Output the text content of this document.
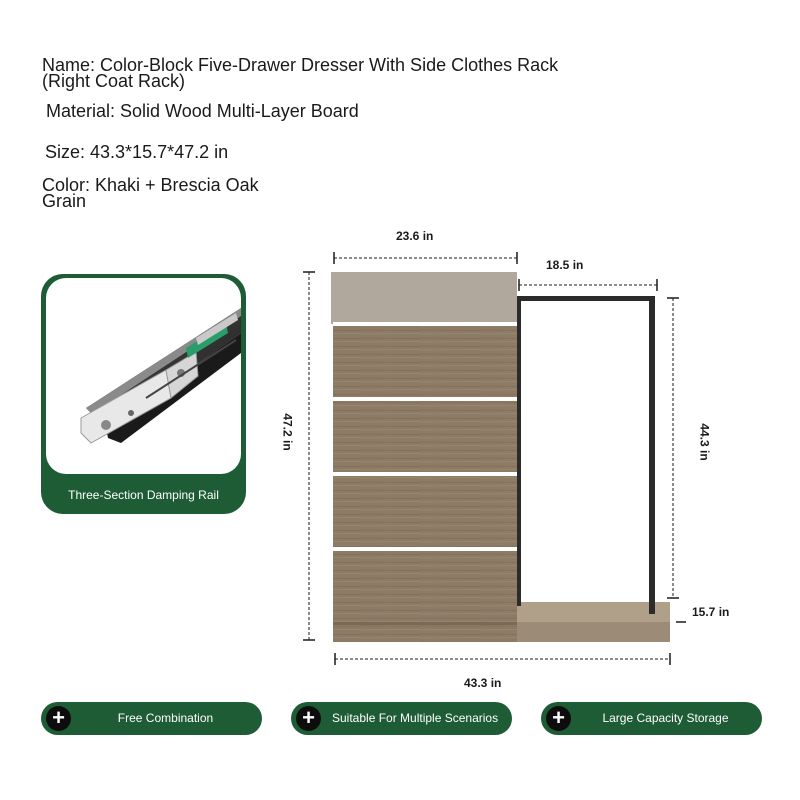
Name: Color-Block Five-Drawer Dresser With Side Clothes Rack (Right Coat Rack)
Material: Solid Wood Multi-Layer Board
Size: 43.3*15.7*47.2 in
Color: Khaki + Brescia Oak Grain
Three-Section Damping Rail
23.6 in
18.5 in
47.2 in	44.3 in
15.7 in
43.3 in
+	Free Combination	+	Suitable For Multiple Scenarios +	Large Capacity Storage
